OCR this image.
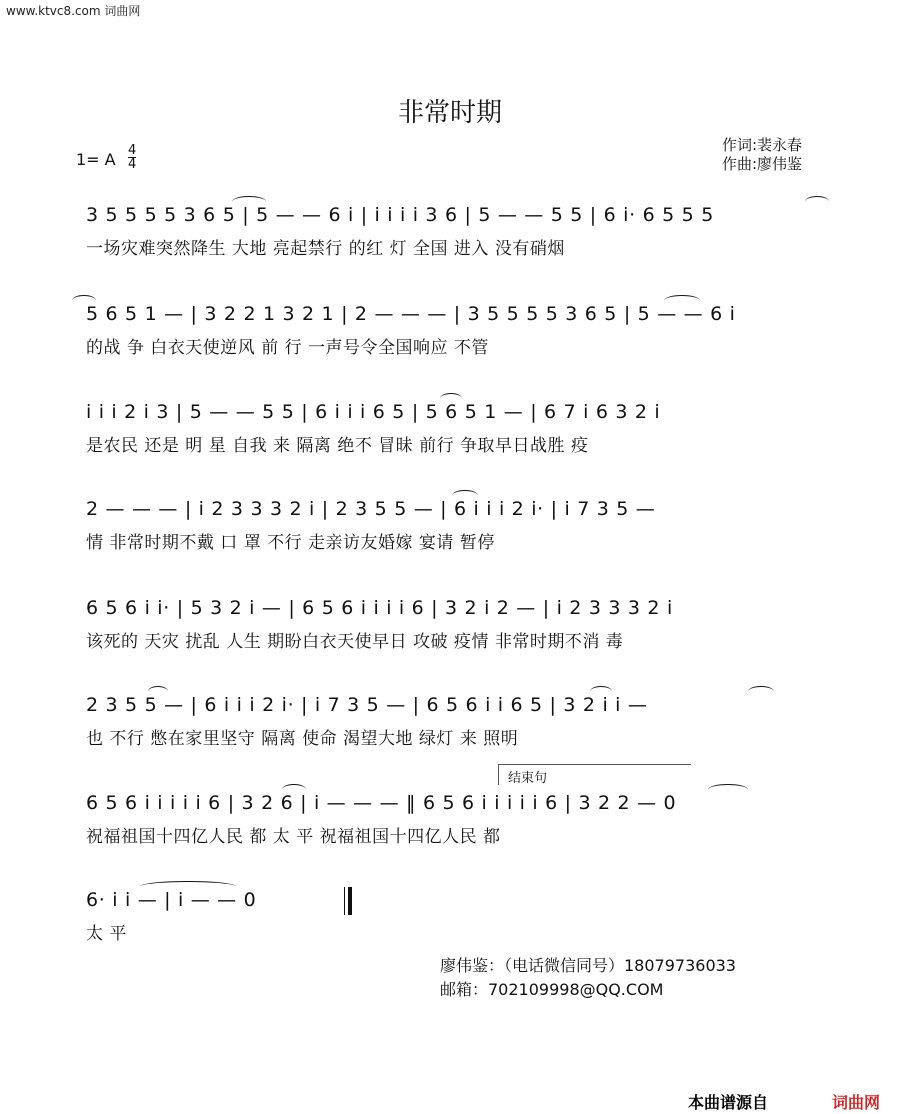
www.ktvc8.com 词曲网
非常时期
作词:裴永春
作曲:廖伟鉴
1= A 4
4
3 5 5 5 5 3 6 5 | 5 — — 6 i | i i i i 3 6 | 5 — — 5 5 | 6 i· 6 5 5 5
一场灾难突然降生 大地 亮起禁行 的红 灯 全国 进入 没有硝烟
5 6 5 1 — | 3 2 2 1 3 2 1 | 2 — — — | 3 5 5 5 5 3 6 5 | 5 — — 6 i
的战 争 白衣天使逆风 前 行 一声号令全国响应 不管
i i i 2 i 3 | 5 — — 5 5 | 6 i i i 6 5 | 5 6 5 1 — | 6 7 i 6 3 2 i
是农民 还是 明 星 自我 来 隔离 绝不 冒昧 前行 争取早日战胜 疫
2 — — — | i 2 3 3 3 2 i | 2 3 5 5 — | 6 i i i 2 i· | i 7 3 5 —
情 非常时期不戴 口 罩 不行 走亲访友婚嫁 宴请 暂停
6 5 6 i i· | 5 3 2 i — | 6 5 6 i i i i 6 | 3 2 i 2 — | i 2 3 3 3 2 i
该死的 天灾 扰乱 人生 期盼白衣天使早日 攻破 疫情 非常时期不消 毒
2 3 5 5 — | 6 i i i 2 i· | i 7 3 5 — | 6 5 6 i i 6 5 | 3 2 i i —
也 不行 憋在家里坚守 隔离 使命 渴望大地 绿灯 来 照明
结束句
6 5 6 i i i i i 6 | 3 2 6 | i — — — ‖ 6 5 6 i i i i i 6 | 3 2 2 — 0
祝福祖国十四亿人民 都 太 平 祝福祖国十四亿人民 都
6· i i — | i — — 0
太 平
廖伟鉴：（电话微信同号）18079736033
邮箱：702109998@QQ.COM
本曲谱源自	词曲网
